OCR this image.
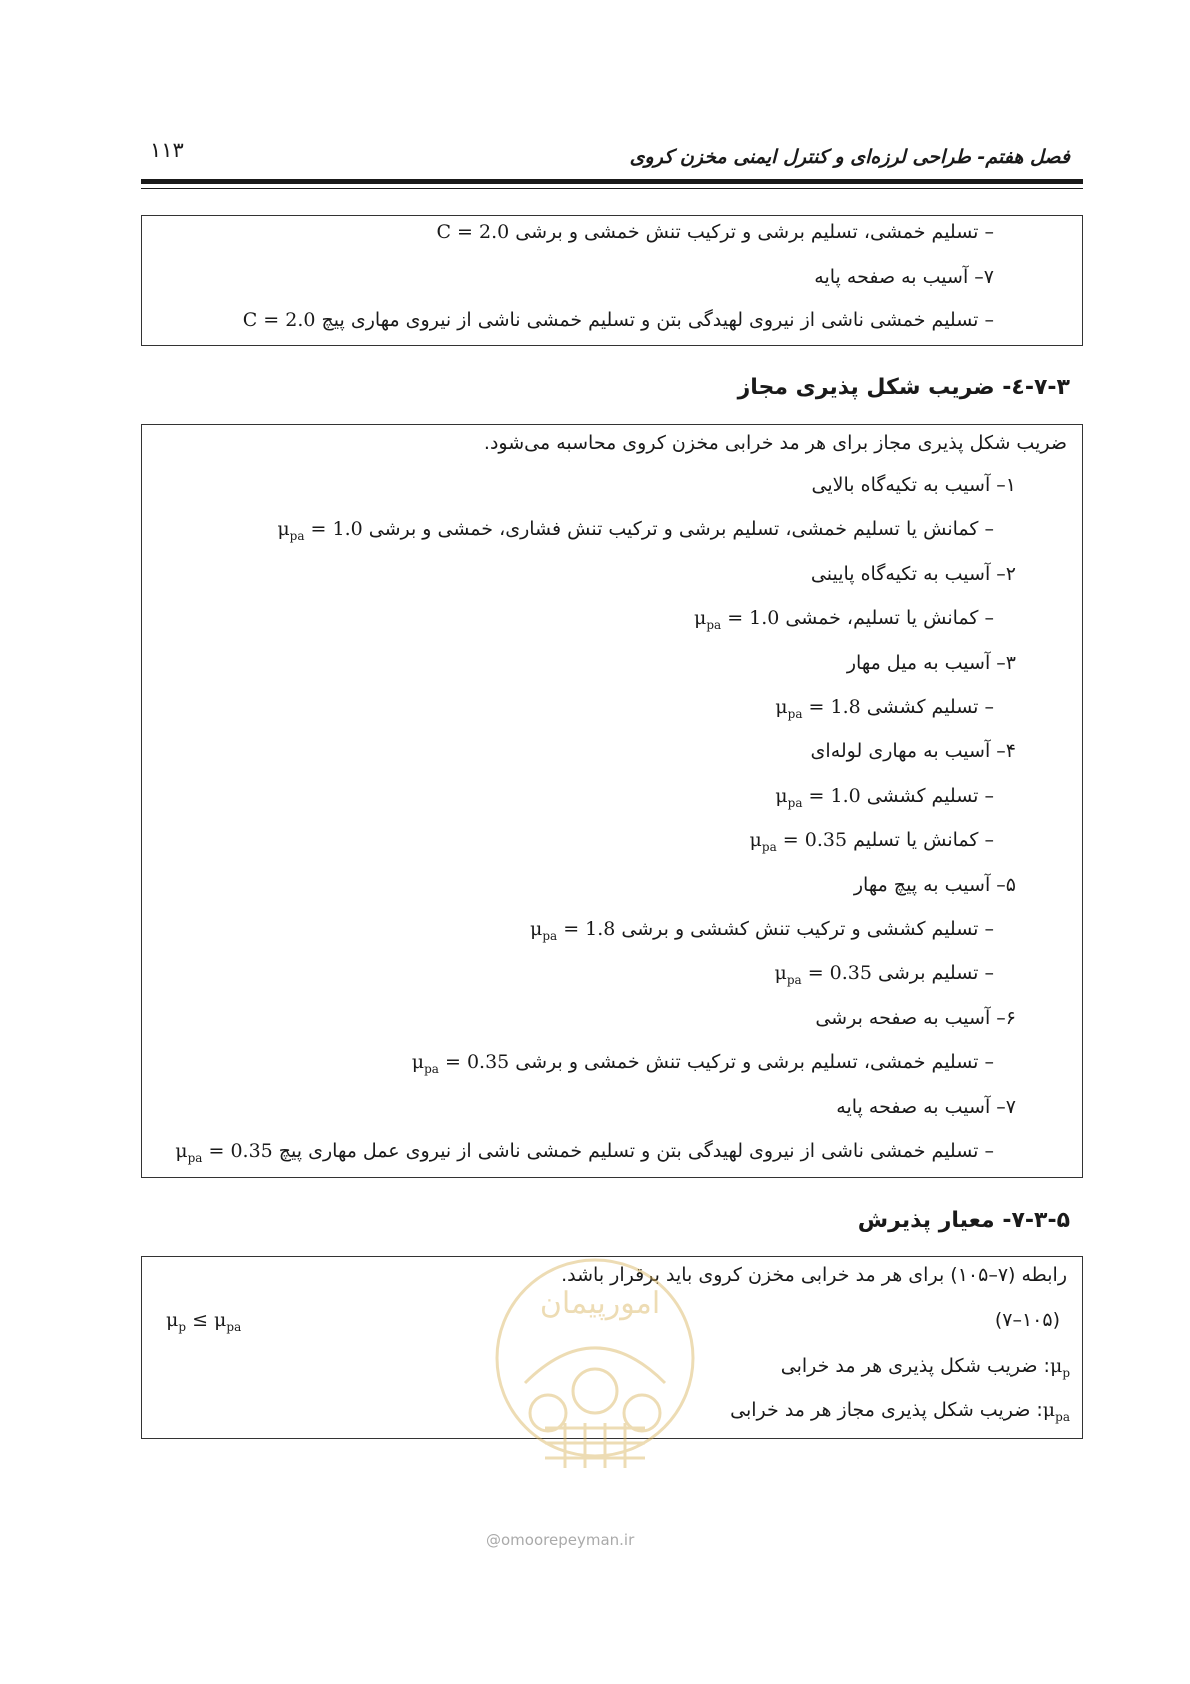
۱۱۳	فصل هفتم- طراحی لرزه‌ای و کنترل ایمنی مخزن کروی
– تسلیم خمشی، تسلیم برشی و ترکیب تنش خمشی و برشی C = 2.0
۷– آسیب به صفحه پایه
– تسلیم خمشی ناشی از نیروی لهیدگی بتن و تسلیم خمشی ناشی از نیروی مهاری پیچ C = 2.0
۷-۳-٤- ضریب شکل پذیری مجاز
ضریب شکل پذیری مجاز برای هر مد خرابی مخزن کروی محاسبه می‌شود.
۱– آسیب به تکیه‌گاه بالایی
– کمانش یا تسلیم خمشی، تسلیم برشی و ترکیب تنش فشاری، خمشی و برشیμ$_{pa}$ = 1.0
۲– آسیب به تکیه‌گاه پایینی
– کمانش یا تسلیم، خمشیμ$_{pa}$ = 1.0
۳– آسیب به میل مهار
– تسلیم کششیμ$_{pa}$ = 1.8
۴– آسیب به مهاری لوله‌ای
– تسلیم کششیμ$_{pa}$ = 1.0
– کمانش یا تسلیمμ$_{pa}$ = 0.35
۵– آسیب به پیچ مهار
– تسلیم کششی و ترکیب تنش کششی و برشیμ$_{pa}$ = 1.8
– تسلیم برشیμ$_{pa}$ = 0.35
۶– آسیب به صفحه برشی
– تسلیم خمشی، تسلیم برشی و ترکیب تنش خمشی و برشیμ$_{pa}$ = 0.35
۷– آسیب به صفحه پایه
– تسلیم خمشی ناشی از نیروی لهیدگی بتن و تسلیم خمشی ناشی از نیروی عمل مهاری پیچμ$_{pa}$ = 0.35
۷-۳-۵- معیار پذیرش
رابطه (۷–۱۰۵) برای هر مد خرابی مخزن کروی باید برقرار باشد.
(۱۰۵–۷)
$\mu_p \le \mu_{pa}$
$\mu_p$: ضریب شکل پذیری هر مد خرابی
$\mu_{pa}$: ضریب شکل پذیری مجاز هر مد خرابی
امورپیمان
@omoorepeyman.ir
